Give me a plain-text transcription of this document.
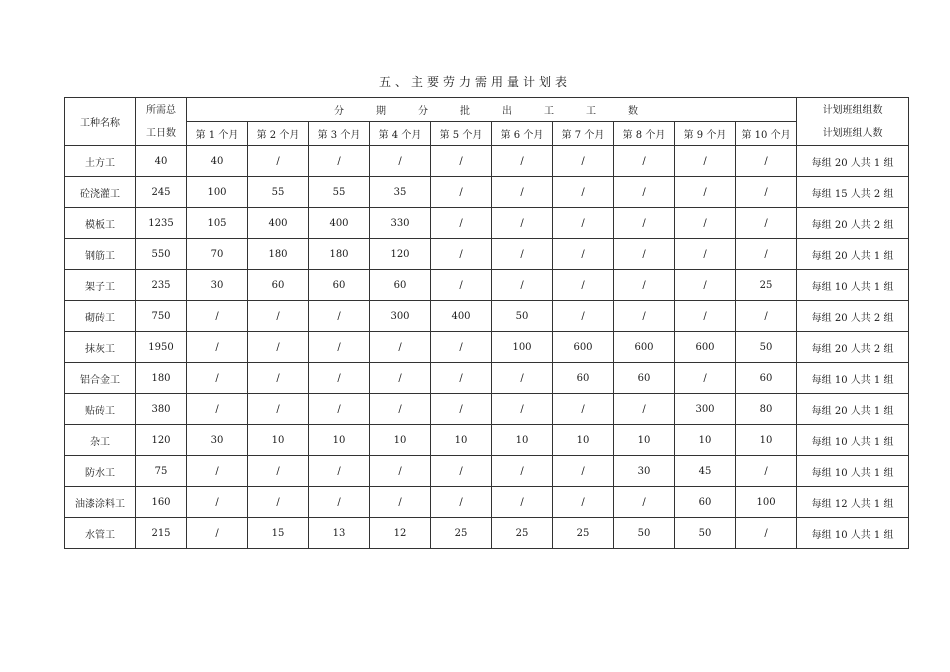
五、主要劳力需用量计划表
工种名称	所需总
工日数	分　期　分　批　出　工　工　数										计划班组组数
计划班组人数

		第 1 个月	第 2 个月	第 3 个月	第 4 个月	第 5 个月	第 6 个月	第 7 个月	第 8 个月	第 9 个月	第 10 个月	
土方工	40	40	/	/	/	/	/	/	/	/	/	每组 20 人共 1 组
砼浇灌工	245	100	55	55	35	/	/	/	/	/	/	每组 15 人共 2 组
模板工	1235	105	400	400	330	/	/	/	/	/	/	每组 20 人共 2 组
钢筋工	550	70	180	180	120	/	/	/	/	/	/	每组 20 人共 1 组
架子工	235	30	60	60	60	/	/	/	/	/	25	每组 10 人共 1 组
砌砖工	750	/	/	/	300	400	50	/	/	/	/	每组 20 人共 2 组
抹灰工	1950	/	/	/	/	/	100	600	600	600	50	每组 20 人共 2 组
铝合金工	180	/	/	/	/	/	/	60	60	/	60	每组 10 人共 1 组
贴砖工	380	/	/	/	/	/	/	/	/	300	80	每组 20 人共 1 组
杂工	120	30	10	10	10	10	10	10	10	10	10	每组 10 人共 1 组
防水工	75	/	/	/	/	/	/	/	30	45	/	每组 10 人共 1 组
油漆涂料工	160	/	/	/	/	/	/	/	/	60	100	每组 12 人共 1 组
水管工	215	/	15	13	12	25	25	25	50	50	/	每组 10 人共 1 组
